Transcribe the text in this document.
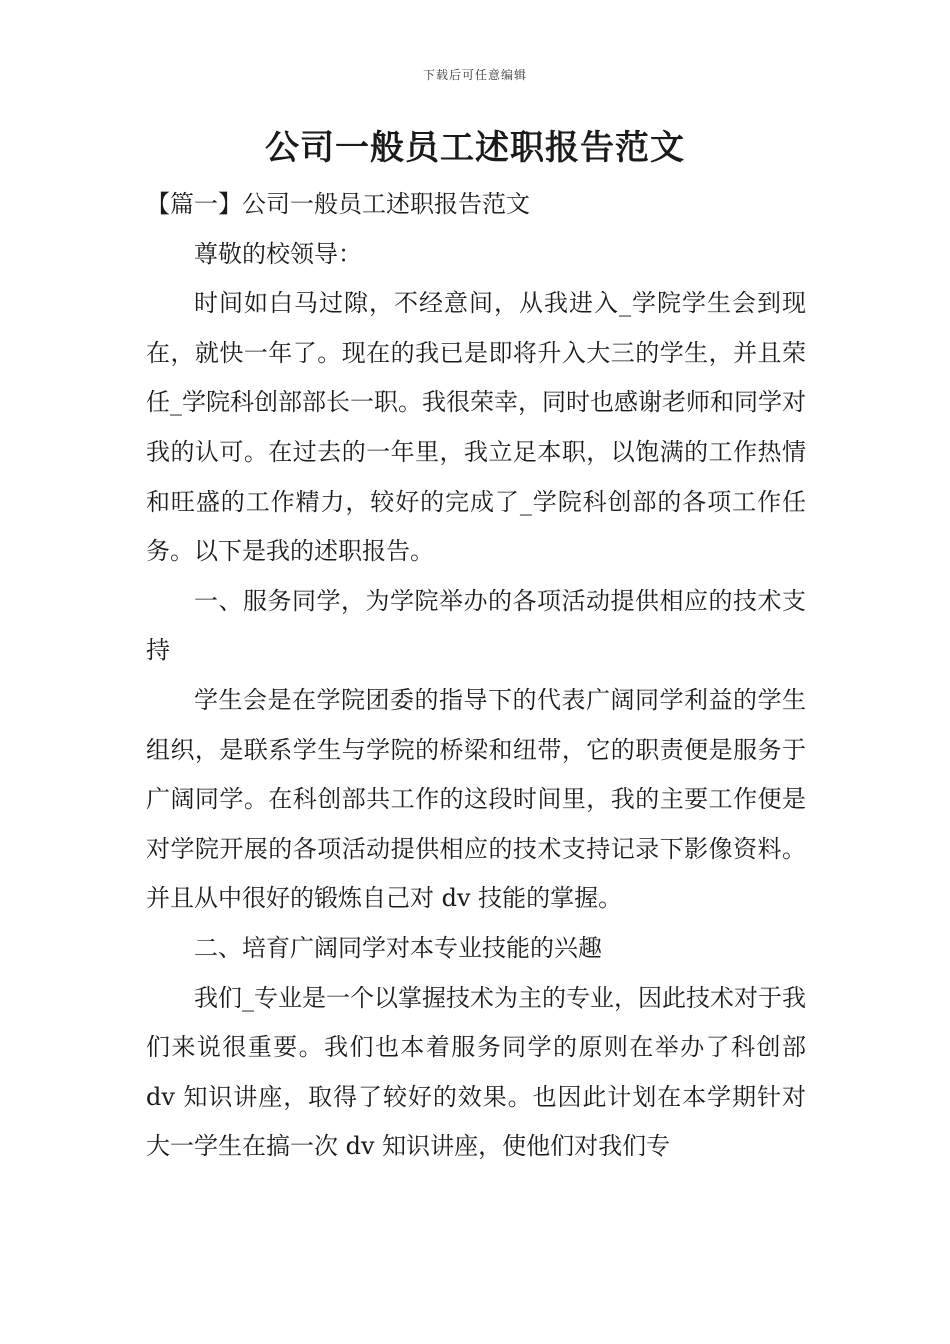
下载后可任意编辑
公司一般员工述职报告范文

【篇一】公司一般员工述职报告范文

尊敬的校领导：

时间如白马过隙，不经意间，从我进入_学院学生会到现在，就快一年了。现在的我已是即将升入大三的学生，并且荣任_学院科创部部长一职。我很荣幸，同时也感谢老师和同学对我的认可。在过去的一年里，我立足本职，以饱满的工作热情和旺盛的工作精力，较好的完成了_学院科创部的各项工作任务。以下是我的述职报告。

一、服务同学，为学院举办的各项活动提供相应的技术支持

学生会是在学院团委的指导下的代表广阔同学利益的学生组织，是联系学生与学院的桥梁和纽带，它的职责便是服务于广阔同学。在科创部共工作的这段时间里，我的主要工作便是对学院开展的各项活动提供相应的技术支持记录下影像资料。并且从中很好的锻炼自己对 dv 技能的掌握。

二、培育广阔同学对本专业技能的兴趣

我们_专业是一个以掌握技术为主的专业，因此技术对于我们来说很重要。我们也本着服务同学的原则在举办了科创部 dv 知识讲座，取得了较好的效果。也因此计划在本学期针对大一学生在搞一次 dv 知识讲座，使他们对我们专
